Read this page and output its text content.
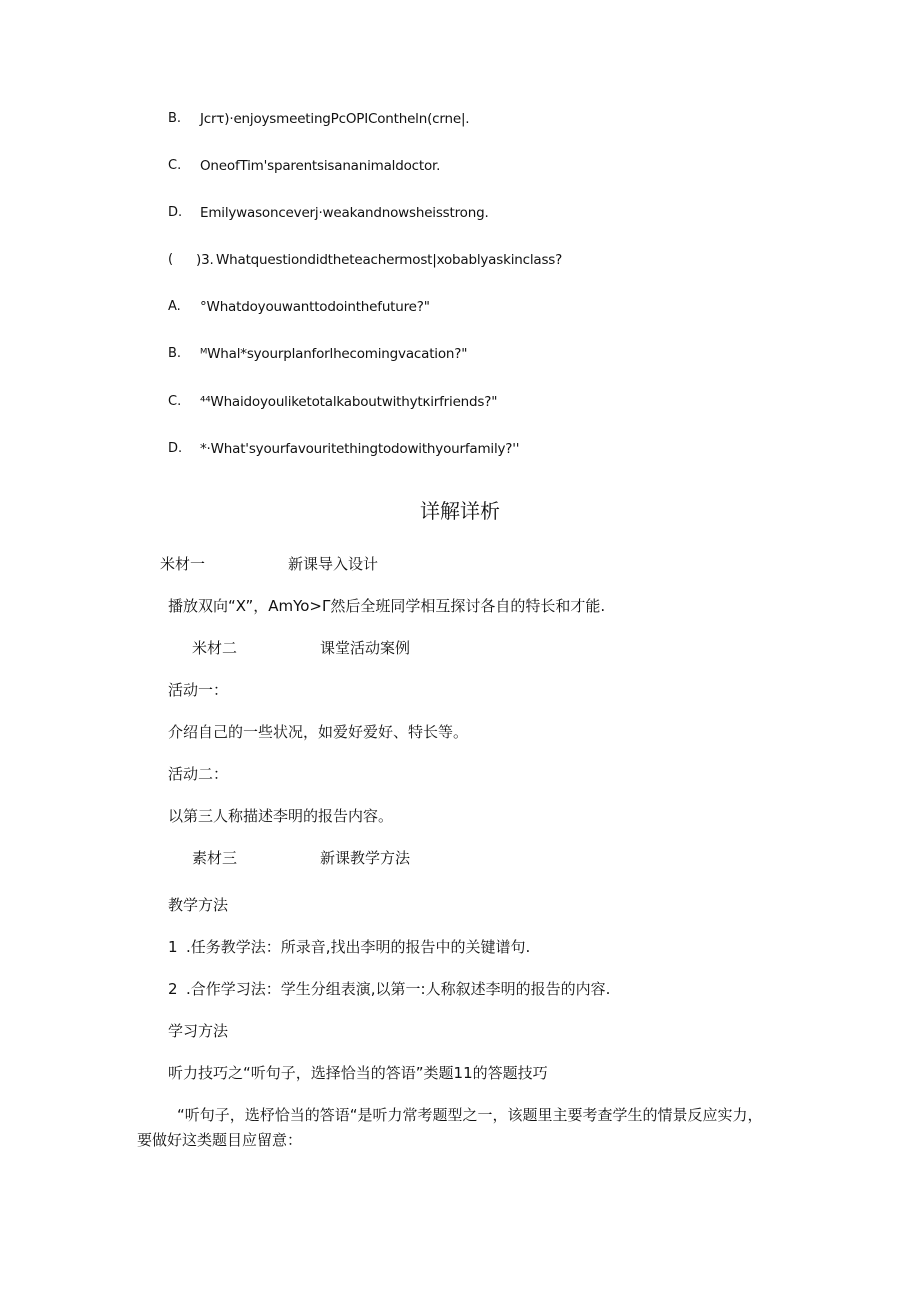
B. Jcrτ)·enjoysmeetingPcOPIContheln(crne|.
C. OneofTim'sparentsisananimaldoctor.
D. Emilywasonceverj·weakandnowsheisstrong.
( )3. Whatquestiondidtheteachermost|xobablyaskinclass?
A. °Whatdoyouwanttodointhefuture?"
B. ᴹWhal*syourplanforlhecomingvacation?"
C. ⁴⁴Whaidoyouliketotalkaboutwithytκirfriends?"
D. *·What'syourfavouritethingtodowithyourfamily?''
详解详析
米材一	新课导入设计
播放双向“X”，AmYo>Γ然后全班同学相互探讨各自的特长和才能.
米材二	课堂活动案例
活动一：
介绍自己的一些状况，如爱好爱好、特长等。
活动二：
以第三人称描述李明的报告内容。
素材三	新课教学方法
教学方法
1 .任务教学法：所录音,找出李明的报告中的关键谱句.
2 .合作学习法：学生分组表演,以第一:人称叙述李明的报告的内容.
学习方法
听力技巧之“听句子，选择恰当的答语”类题11的答题技巧
“听句子，选杼恰当的答语“是听力常考题型之一，该题里主要考查学生的情景反应实力，要做好这类题目应留意：
